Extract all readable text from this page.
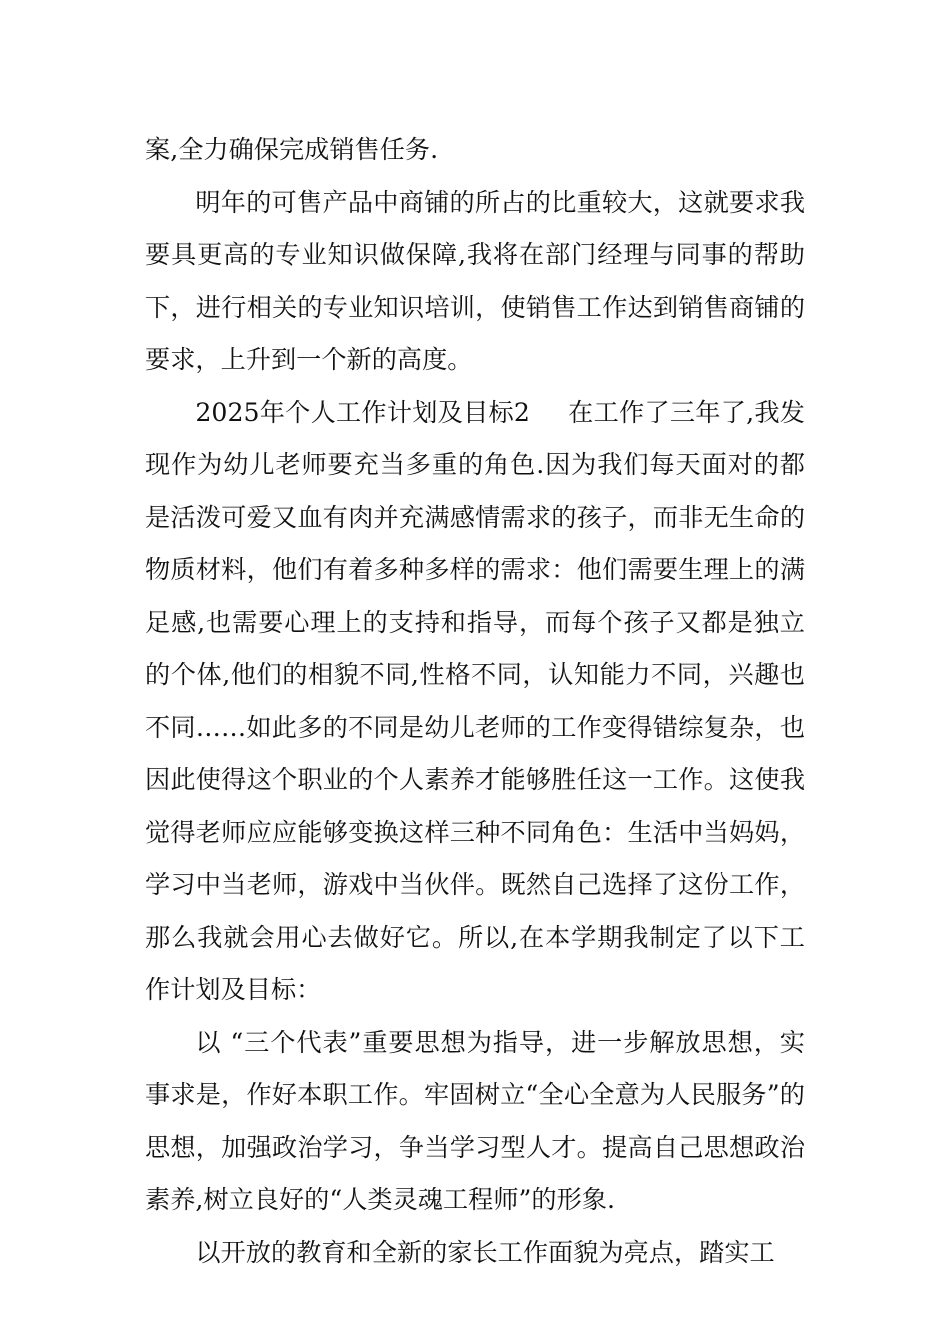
案,全力确保完成销售任务.

明年的可售产品中商铺的所占的比重较大，这就要求我要具更高的专业知识做保障,我将在部门经理与同事的帮助下，进行相关的专业知识培训，使销售工作达到销售商铺的要求，上升到一个新的高度。

2025年个人工作计划及目标2 在工作了三年了,我发现作为幼儿老师要充当多重的角色.因为我们每天面对的都是活泼可爱又血有肉并充满感情需求的孩子，而非无生命的物质材料，他们有着多种多样的需求：他们需要生理上的满足感,也需要心理上的支持和指导，而每个孩子又都是独立的个体,他们的相貌不同,性格不同，认知能力不同，兴趣也不同……如此多的不同是幼儿老师的工作变得错综复杂，也因此使得这个职业的个人素养才能够胜任这一工作。这使我觉得老师应应能够变换这样三种不同角色：生活中当妈妈，学习中当老师，游戏中当伙伴。既然自己选择了这份工作，那么我就会用心去做好它。所以,在本学期我制定了以下工作计划及目标：

以 “三个代表”重要思想为指导，进一步解放思想，实事求是，作好本职工作。牢固树立“全心全意为人民服务”的思想，加强政治学习，争当学习型人才。提高自己思想政治素养,树立良好的“人类灵魂工程师”的形象.

以开放的教育和全新的家长工作面貌为亮点，踏实工
